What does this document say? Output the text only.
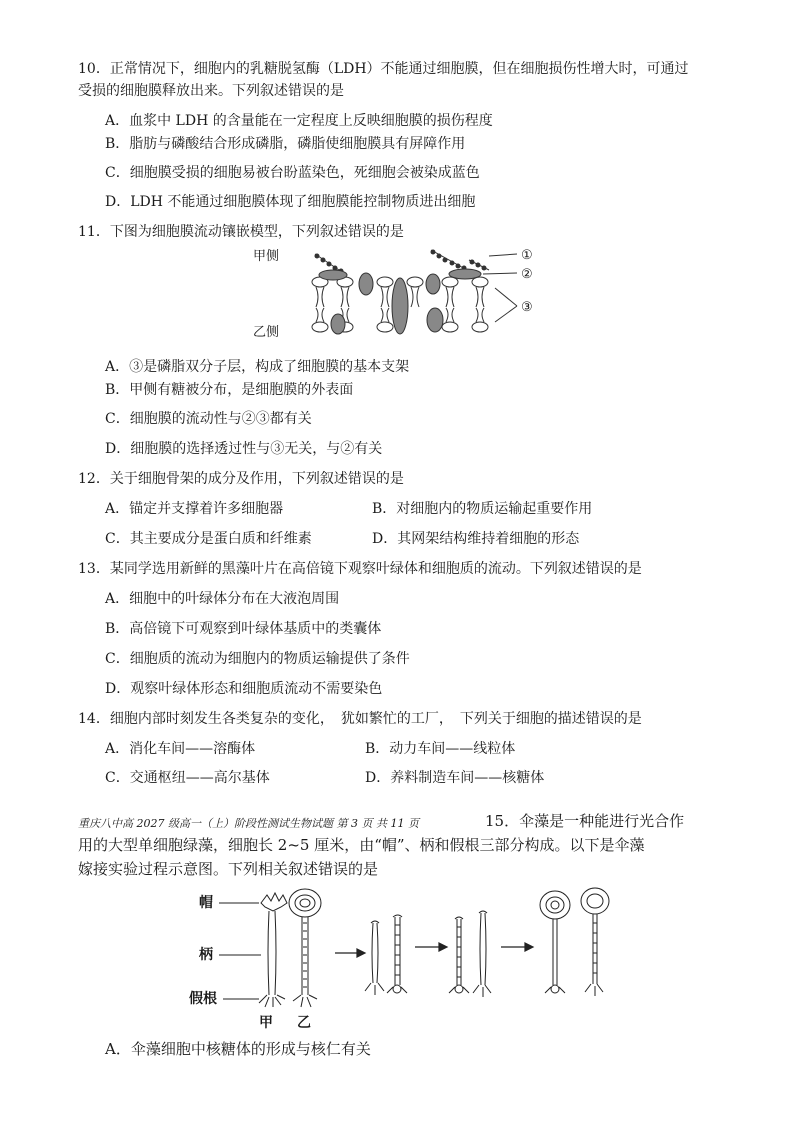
10．正常情况下，细胞内的乳糖脱氢酶（LDH）不能通过细胞膜，但在细胞损伤性增大时，可通过
受损的细胞膜释放出来。下列叙述错误的是
A．血浆中 LDH 的含量能在一定程度上反映细胞膜的损伤程度
B．脂肪与磷酸结合形成磷脂，磷脂使细胞膜具有屏障作用
C．细胞膜受损的细胞易被台盼蓝染色，死细胞会被染成蓝色
D．LDH 不能通过细胞膜体现了细胞膜能控制物质进出细胞
11．下图为细胞膜流动镶嵌模型，下列叙述错误的是
甲侧
乙侧
①
②
③
A．③是磷脂双分子层，构成了细胞膜的基本支架
B．甲侧有糖被分布，是细胞膜的外表面
C．细胞膜的流动性与②③都有关
D．细胞膜的选择透过性与③无关，与②有关
12．关于细胞骨架的成分及作用，下列叙述错误的是
A．锚定并支撑着许多细胞器	B．对细胞内的物质运输起重要作用
C．其主要成分是蛋白质和纤维素	D．其网架结构维持着细胞的形态
13．某同学选用新鲜的黑藻叶片在高倍镜下观察叶绿体和细胞质的流动。下列叙述错误的是
A．细胞中的叶绿体分布在大液泡周围
B．高倍镜下可观察到叶绿体基质中的类囊体
C．细胞质的流动为细胞内的物质运输提供了条件
D．观察叶绿体形态和细胞质流动不需要染色
14．细胞内部时刻发生各类复杂的变化，　犹如繁忙的工厂，　下列关于细胞的描述错误的是
A．消化车间——溶酶体	B．动力车间——线粒体
C．交通枢纽——高尔基体	D．养料制造车间——核糖体
重庆八中高 2027 级高一（上）阶段性测试生物试题 第 3 页 共 11 页	15．伞藻是一种能进行光合作
用的大型单细胞绿藻，细胞长 2~5 厘米，由“帽”、柄和假根三部分构成。以下是伞藻
嫁接实验过程示意图。下列相关叙述错误的是
帽
柄
假根
甲 乙
A．伞藻细胞中核糖体的形成与核仁有关
